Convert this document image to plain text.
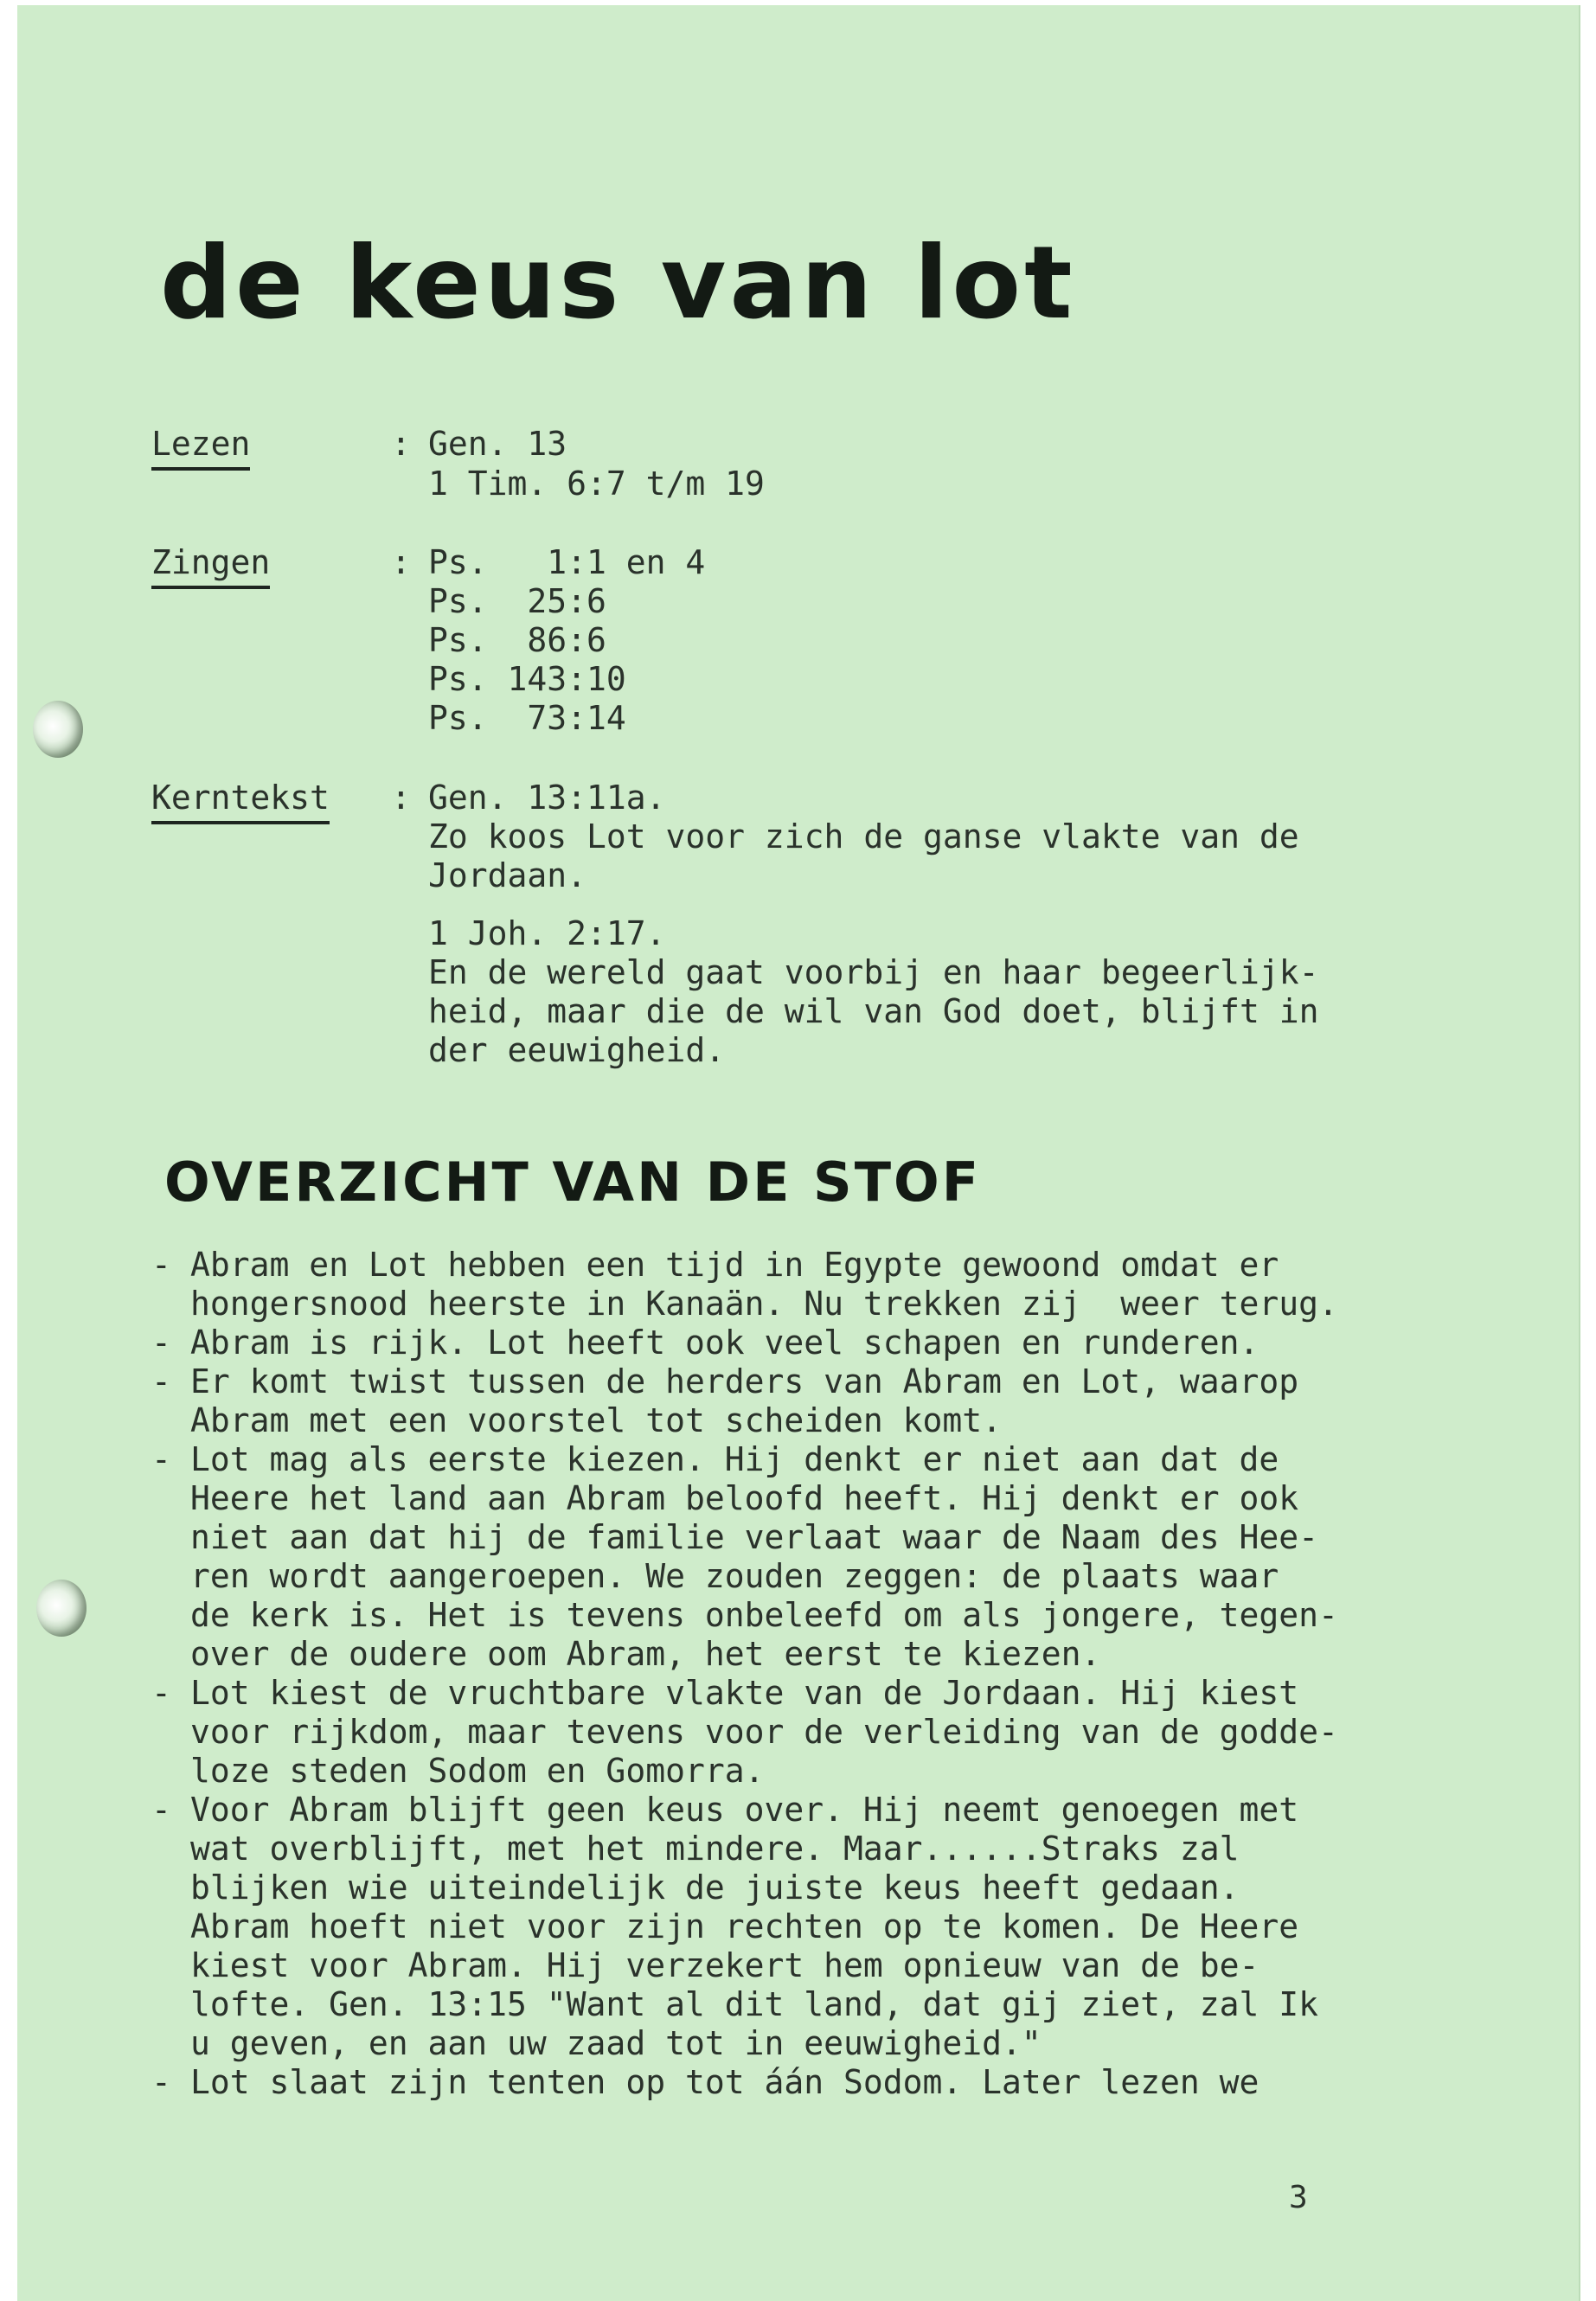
de keus van lot
Lezen	: Gen. 13
1 Tim. 6:7 t/m 19
Zingen	: Ps.   1:1 en 4
Ps.  25:6
Ps.  86:6
Ps. 143:10
Ps.  73:14
Kerntekst : Gen. 13:11a.
Zo koos Lot voor zich de ganse vlakte van de
Jordaan.
1 Joh. 2:17.
En de wereld gaat voorbij en haar begeerlijk-
heid, maar die de wil van God doet, blijft in
der eeuwigheid.
OVERZICHT VAN DE STOF
- Abram en Lot hebben een tijd in Egypte gewoond omdat er
hongersnood heerste in Kanaän. Nu trekken zij  weer terug.
- Abram is rijk. Lot heeft ook veel schapen en runderen.
- Er komt twist tussen de herders van Abram en Lot, waarop
Abram met een voorstel tot scheiden komt.
- Lot mag als eerste kiezen. Hij denkt er niet aan dat de
Heere het land aan Abram beloofd heeft. Hij denkt er ook
niet aan dat hij de familie verlaat waar de Naam des Hee-
ren wordt aangeroepen. We zouden zeggen: de plaats waar
de kerk is. Het is tevens onbeleefd om als jongere, tegen-
over de oudere oom Abram, het eerst te kiezen.
- Lot kiest de vruchtbare vlakte van de Jordaan. Hij kiest
voor rijkdom, maar tevens voor de verleiding van de godde-
loze steden Sodom en Gomorra.
- Voor Abram blijft geen keus over. Hij neemt genoegen met
wat overblijft, met het mindere. Maar......Straks zal
blijken wie uiteindelijk de juiste keus heeft gedaan.
Abram hoeft niet voor zijn rechten op te komen. De Heere
kiest voor Abram. Hij verzekert hem opnieuw van de be-
lofte. Gen. 13:15 "Want al dit land, dat gij ziet, zal Ik
u geven, en aan uw zaad tot in eeuwigheid."
- Lot slaat zijn tenten op tot áán Sodom. Later lezen we
3
